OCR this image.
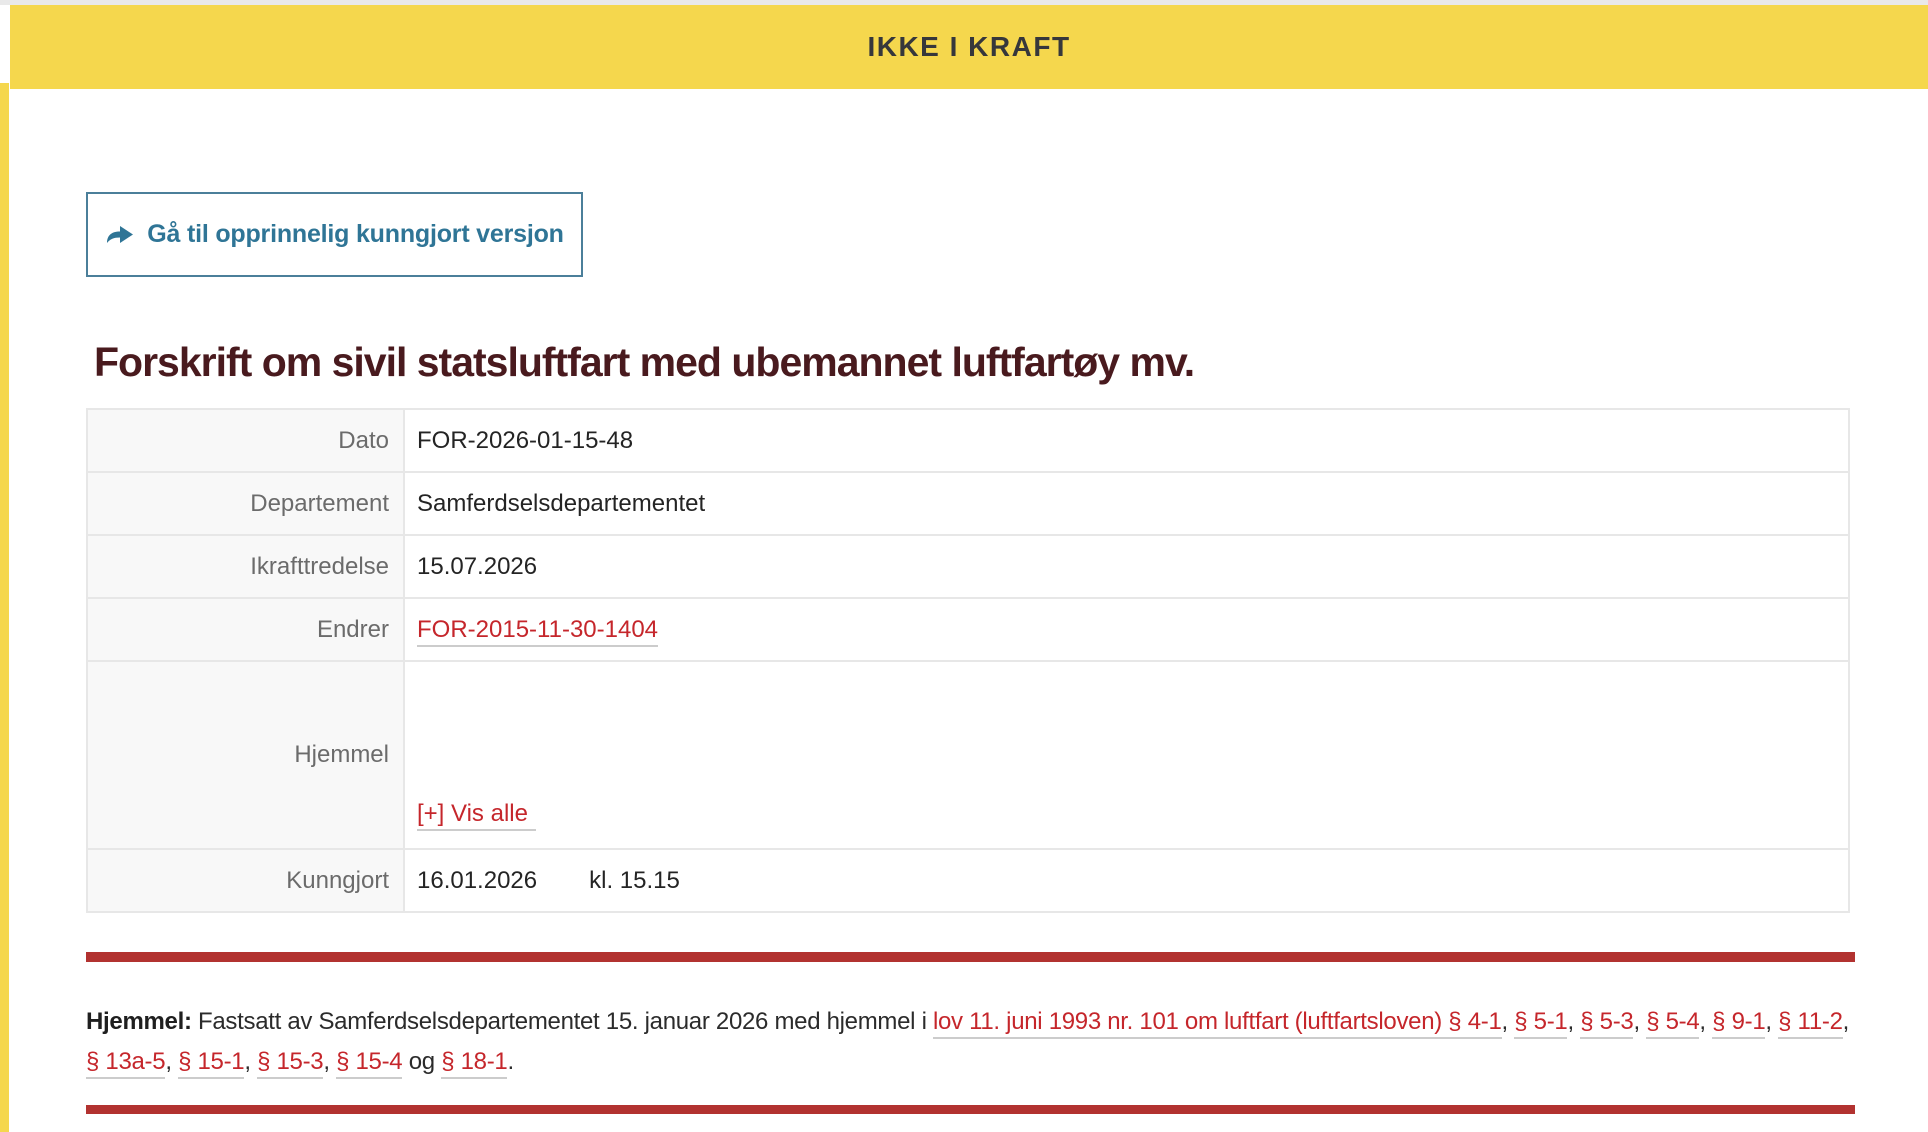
IKKE I KRAFT
Gå til opprinnelig kunngjort versjon
Forskrift om sivil statsluftfart med ubemannet luftfartøy mv.
Dato	FOR-2026-01-15-48
Departement	Samferdselsdepartementet
Ikrafttredelse	15.07.2026
Endrer	FOR-2015-11-30-1404
Hjemmel	[+] Vis alle
Kunngjort	16.01.2026 kl. 15.15

Hjemmel: Fastsatt av Samferdselsdepartementet 15. januar 2026 med hjemmel i lov 11. juni 1993 nr. 101 om luftfart (luftfartsloven) § 4-1, § 5-1, § 5-3, § 5-4, § 9-1, § 11-2, § 13a-5, § 15-1, § 15-3, § 15-4 og § 18-1.
